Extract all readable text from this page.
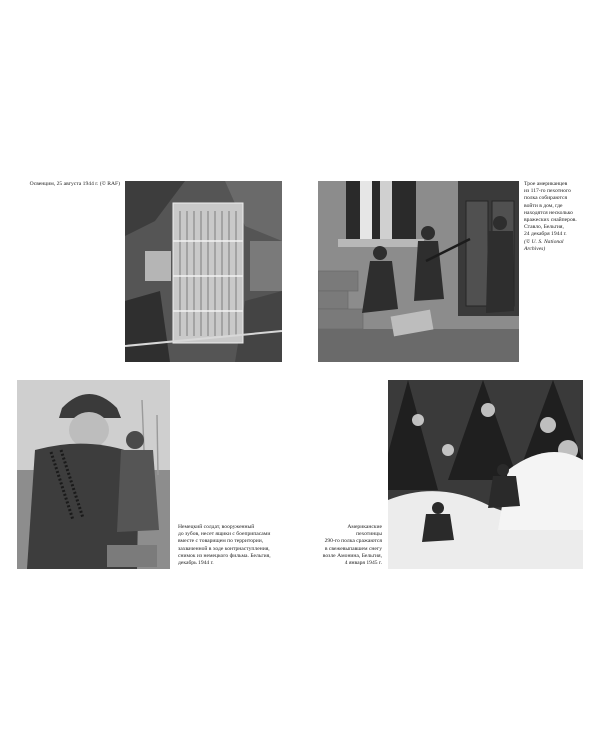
Освенцим, 25 августа 1944 г. (© RAF)	Трое американцев
из 117-го пехотного
полка собираются
войти в дом, где
находятся несколько
вражеских снайперов.
Ставло, Бельгия,
24 декабря 1944 г.
(© U. S. National
Archives)
Немецкий солдат, вооруженный
до зубов, несет ящики с боеприпасами
вместе с товарищем по территории,
захваченной в ходе контрнаступления,
снимок из немецкого фильма. Бельгия,
декабрь 1944 г.
Американские
пехотинцы
290-го полка сражаются
в свежевыпавшем снегу
возле Амонина, Бельгия,
4 января 1945 г.
